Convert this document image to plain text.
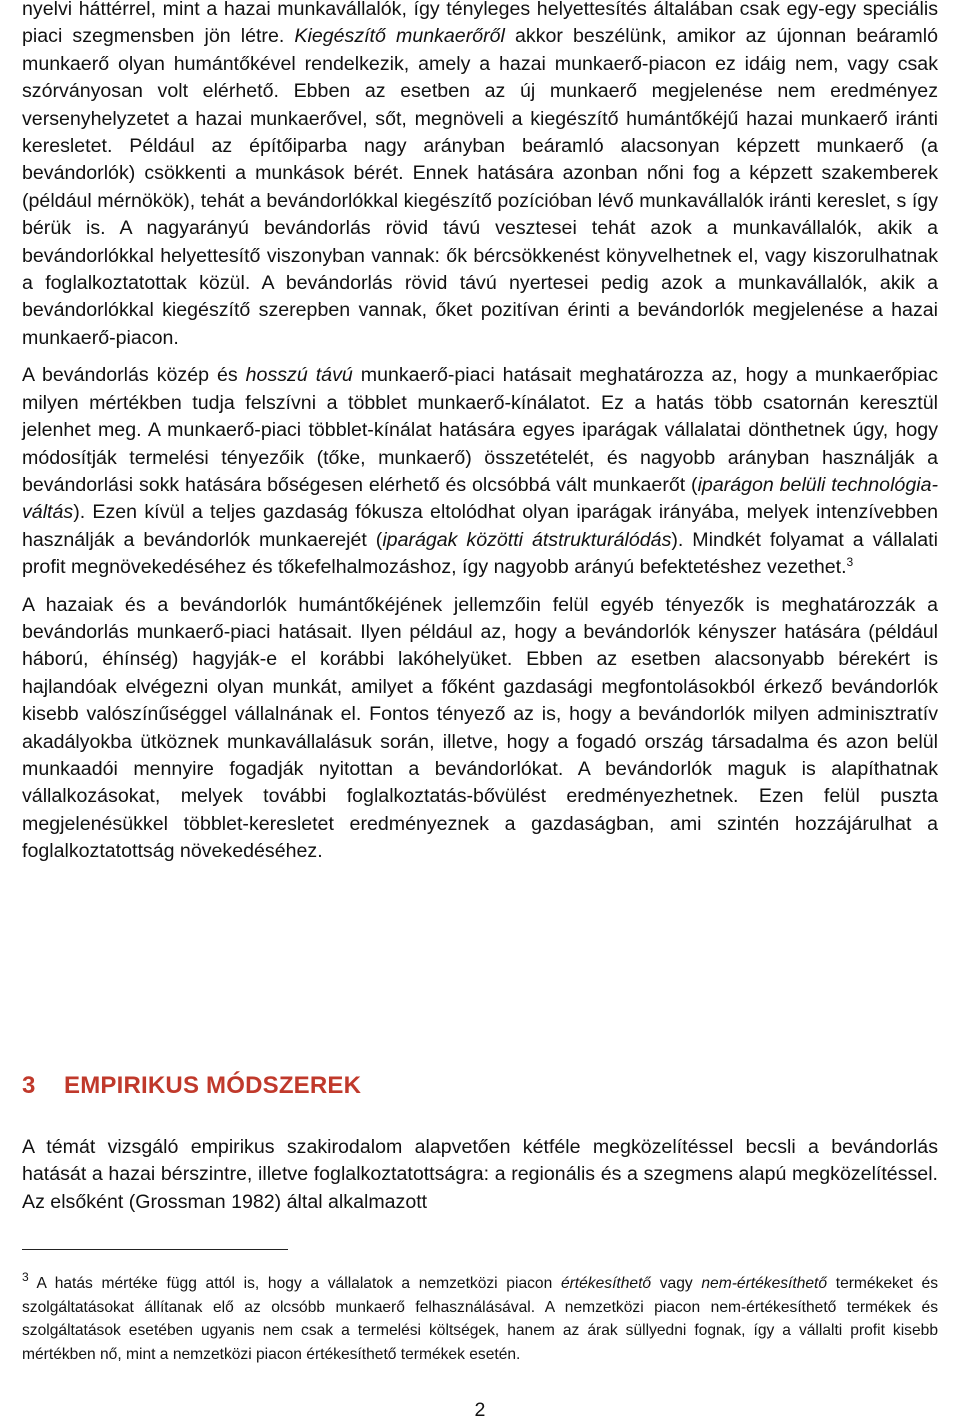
nyelvi háttérrel, mint a hazai munkavállalók, így tényleges helyettesítés általában csak egy-egy speciális piaci szegmensben jön létre. Kiegészítő munkaerőről akkor beszélünk, amikor az újonnan beáramló munkaerő olyan humántőkével rendelkezik, amely a hazai munkaerő-piacon ez idáig nem, vagy csak szórványosan volt elérhető. Ebben az esetben az új munkaerő megjelenése nem eredményez versenyhelyzetet a hazai munkaerővel, sőt, megnöveli a kiegészítő humántőkéjű hazai munkaerő iránti keresletet. Például az építőiparba nagy arányban beáramló alacsonyan képzett munkaerő (a bevándorlók) csökkenti a munkások bérét. Ennek hatására azonban nőni fog a képzett szakemberek (például mérnökök), tehát a bevándorlókkal kiegészítő pozícióban lévő munkavállalók iránti kereslet, s így bérük is. A nagyarányú bevándorlás rövid távú vesztesei tehát azok a munkavállalók, akik a bevándorlókkal helyettesítő viszonyban vannak: ők bércsökkenést könyvelhetnek el, vagy kiszorulhatnak a foglalkoztatottak közül. A bevándorlás rövid távú nyertesei pedig azok a munkavállalók, akik a bevándorlókkal kiegészítő szerepben vannak, őket pozitívan érinti a bevándorlók megjelenése a hazai munkaerő-piacon.

A bevándorlás közép és hosszú távú munkaerő-piaci hatásait meghatározza az, hogy a munkaerőpiac milyen mértékben tudja felszívni a többlet munkaerő-kínálatot. Ez a hatás több csatornán keresztül jelenhet meg. A munkaerő-piaci többlet-kínálat hatására egyes iparágak vállalatai dönthetnek úgy, hogy módosítják termelési tényezőik (tőke, munkaerő) összetételét, és nagyobb arányban használják a bevándorlási sokk hatására bőségesen elérhető és olcsóbbá vált munkaerőt (iparágon belüli technológia-váltás). Ezen kívül a teljes gazdaság fókusza eltolódhat olyan iparágak irányába, melyek intenzívebben használják a bevándorlók munkaerejét (iparágak közötti átstrukturálódás). Mindkét folyamat a vállalati profit megnövekedéséhez és tőkefelhalmozáshoz, így nagyobb arányú befektetéshez vezethet.$^3$

A hazaiak és a bevándorlók humántőkéjének jellemzőin felül egyéb tényezők is meghatározzák a bevándorlás munkaerő-piaci hatásait. Ilyen például az, hogy a bevándorlók kényszer hatására (például háború, éhínség) hagyják-e el korábbi lakóhelyüket. Ebben az esetben alacsonyabb bérekért is hajlandóak elvégezni olyan munkát, amilyet a főként gazdasági megfontolásokból érkező bevándorlók kisebb valószínűséggel vállalnának el. Fontos tényező az is, hogy a bevándorlók milyen adminisztratív akadályokba ütköznek munkavállalásuk során, illetve, hogy a fogadó ország társadalma és azon belül munkaadói mennyire fogadják nyitottan a bevándorlókat. A bevándorlók maguk is alapíthatnak vállalkozásokat, melyek további foglalkoztatás-bővülést eredményezhetnek. Ezen felül puszta megjelenésükkel többlet-keresletet eredményeznek a gazdaságban, ami szintén hozzájárulhat a foglalkoztatottság növekedéséhez.

3 EMPIRIKUS MÓDSZEREK

A témát vizsgáló empirikus szakirodalom alapvetően kétféle megközelítéssel becsli a bevándorlás hatását a hazai bérszintre, illetve foglalkoztatottságra: a regionális és a szegmens alapú megközelítéssel. Az elsőként (Grossman 1982) által alkalmazott

$^3$ A hatás mértéke függ attól is, hogy a vállalatok a nemzetközi piacon értékesíthető vagy nem-értékesíthető termékeket és szolgáltatásokat állítanak elő az olcsóbb munkaerő felhasználásával. A nemzetközi piacon nem-értékesíthető termékek és szolgáltatások esetében ugyanis nem csak a termelési költségek, hanem az árak süllyedni fognak, így a vállalti profit kisebb mértékben nő, mint a nemzetközi piacon értékesíthető termékek esetén.

2
